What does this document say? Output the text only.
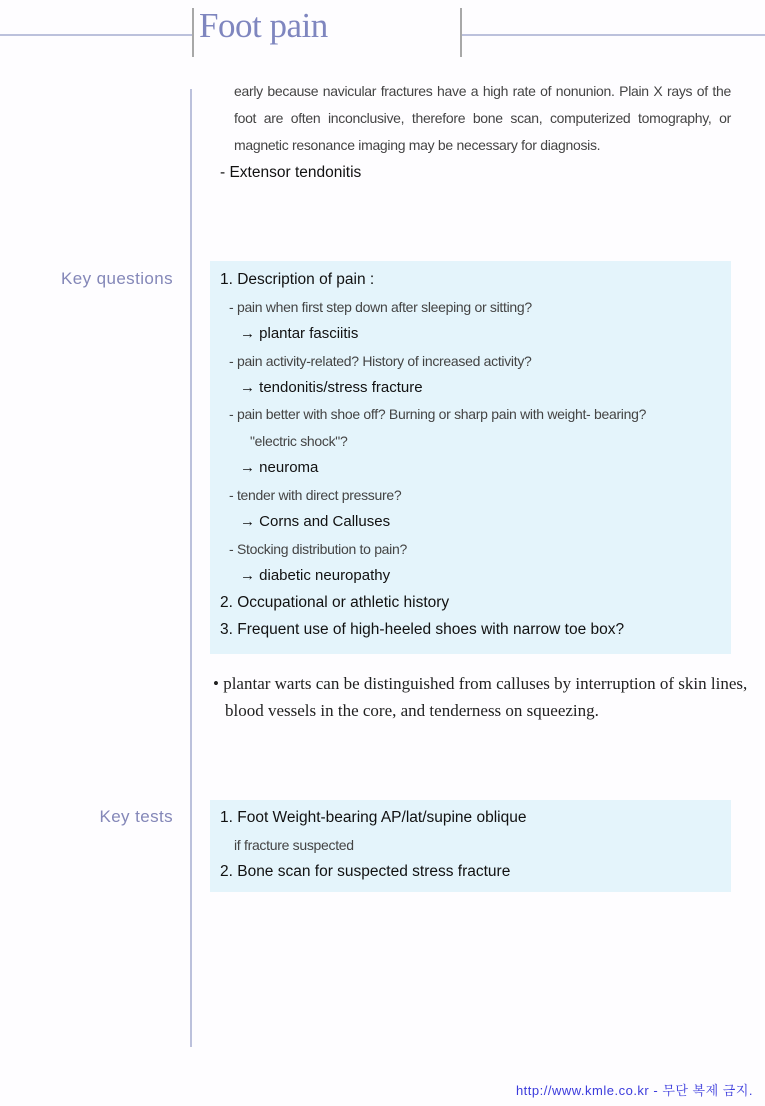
Foot pain
early because navicular fractures have a high rate of nonunion. Plain X rays of the
foot are often inconclusive, therefore bone scan, computerized tomography, or
magnetic resonance imaging may be necessary for diagnosis.
- Extensor tendonitis
Key questions	1. Description of pain :
- pain when first step down after sleeping or sitting?
→ plantar fasciitis
- pain activity-related? History of increased activity?
→ tendonitis/stress fracture
- pain better with shoe off? Burning or sharp pain with weight- bearing?
"electric shock"?
→ neuroma
- tender with direct pressure?
→ Corns and Calluses
- Stocking distribution to pain?
→ diabetic neuropathy
2. Occupational or athletic history
3. Frequent use of high-heeled shoes with narrow toe box?
• plantar warts can be distinguished from calluses by interruption of skin lines,
blood vessels in the core, and tenderness on squeezing.
Key tests	1. Foot Weight-bearing AP/lat/supine oblique
if fracture suspected
2. Bone scan for suspected stress fracture
http://www.kmle.co.kr - 무단 복제 금지.
